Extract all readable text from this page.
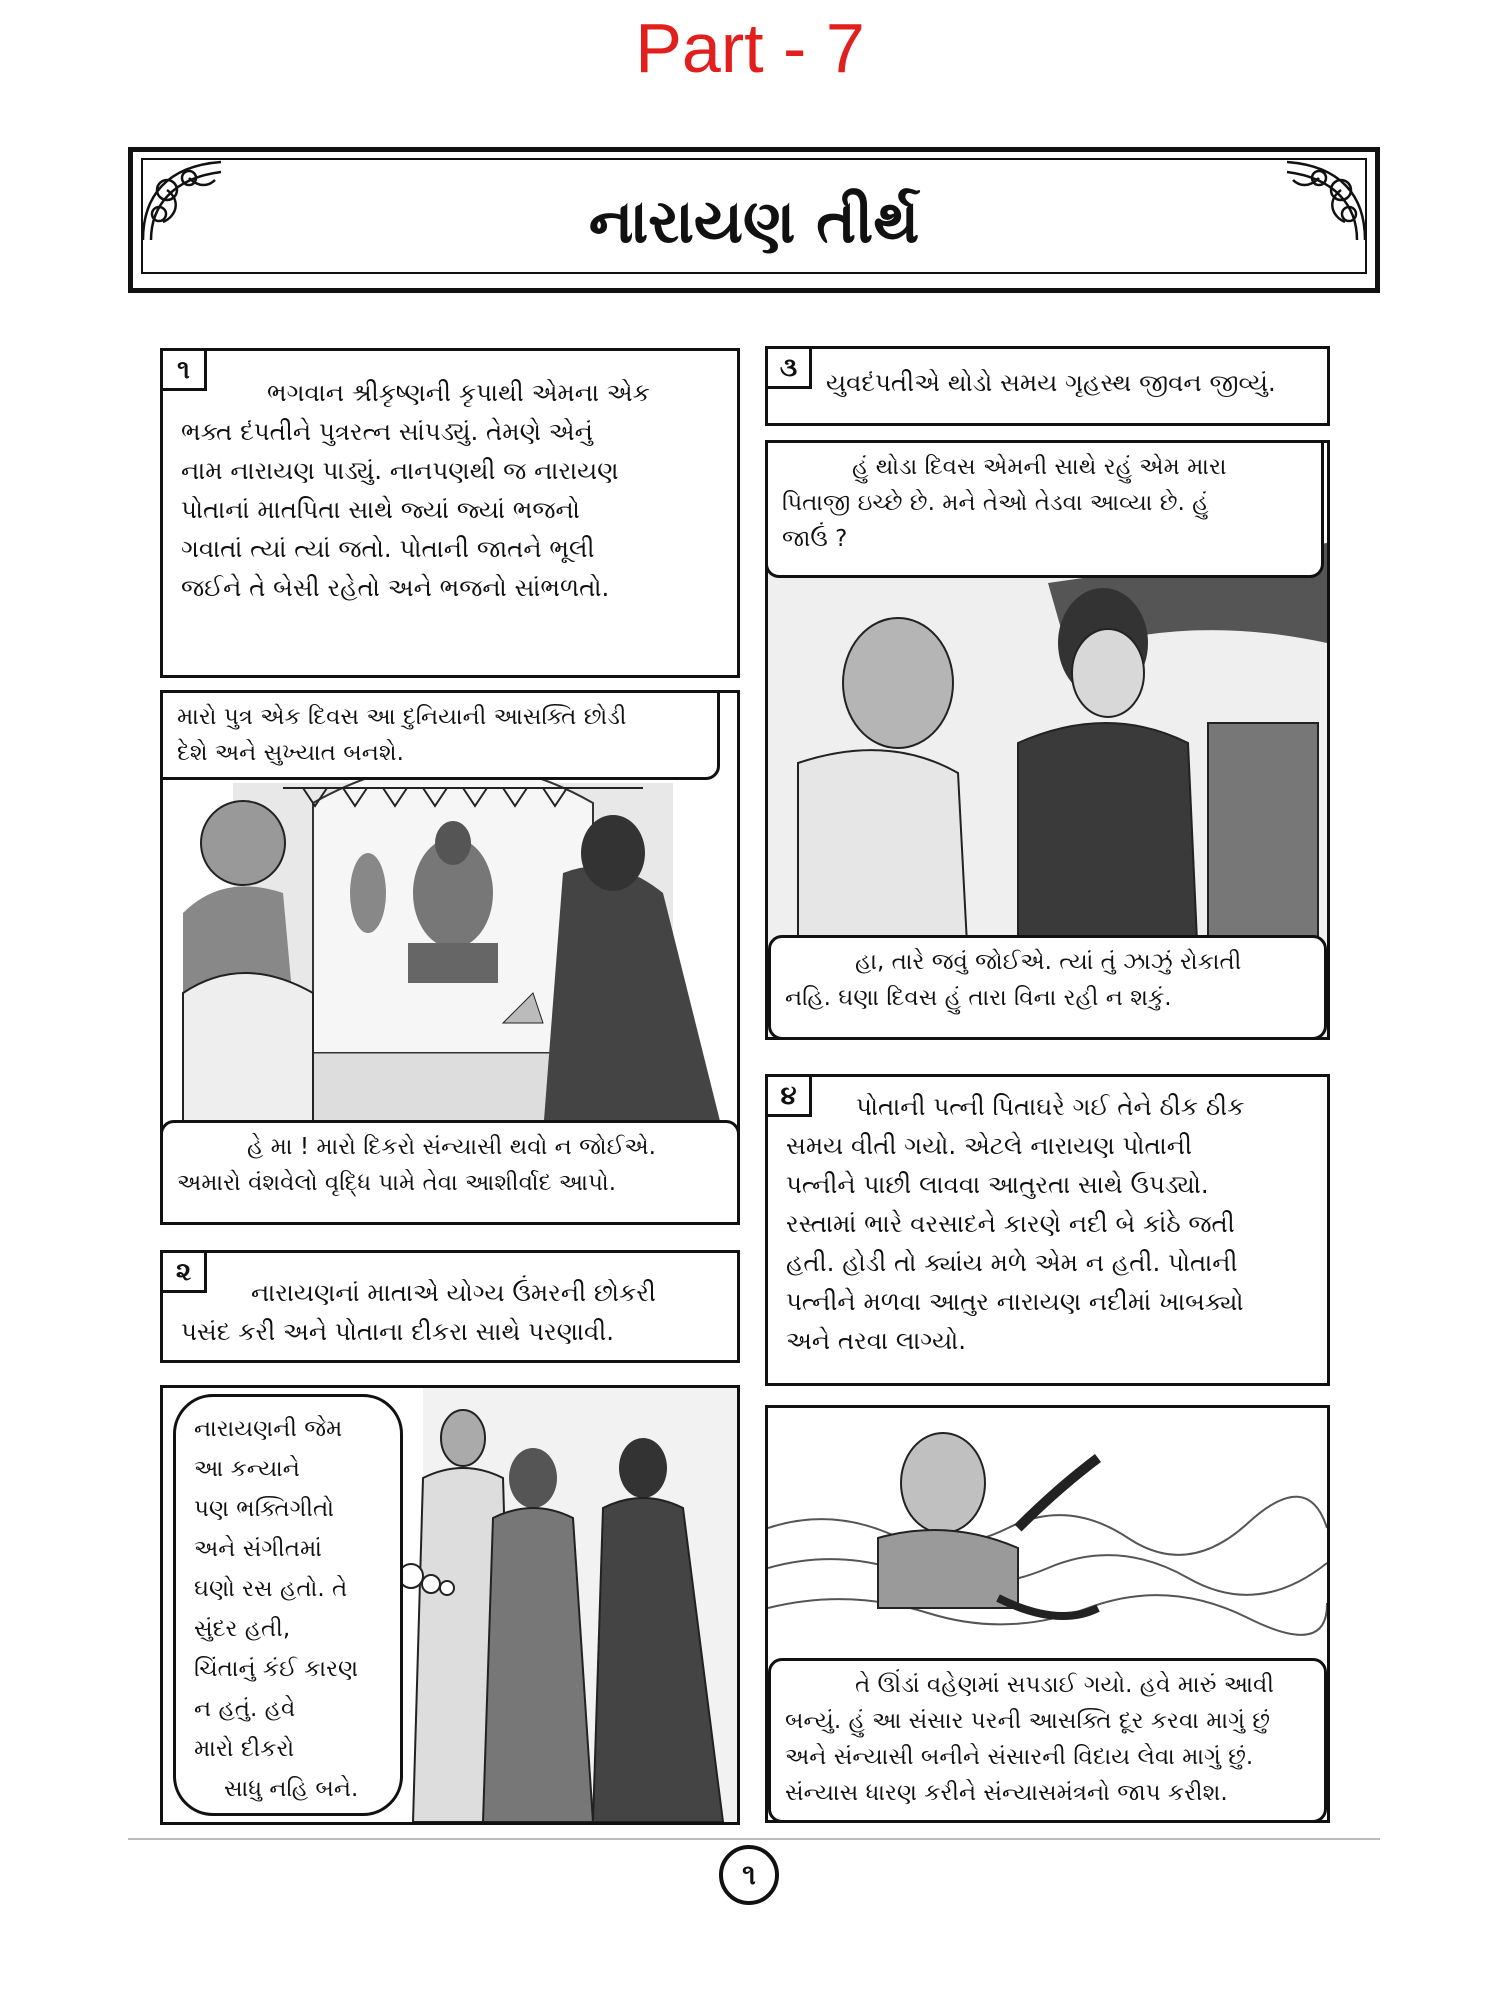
Part - 7
નારાયણ તીર્થ
૧
ભગવાન શ્રીકૃષ્ણની કૃપાથી એમના એક
ભક્ત દંપતીને પુત્રરત્ન સાંપડ્યું. તેમણે એનું
નામ નારાયણ પાડ્યું. નાનપણથી જ નારાયણ
પોતાનાં માતપિતા સાથે જ્યાં જ્યાં ભજનો
ગવાતાં ત્યાં ત્યાં જતો. પોતાની જાતને ભૂલી
જઈને તે બેસી રહેતો અને ભજનો સાંભળતો.
મારો પુત્ર એક દિવસ આ દુનિયાની આસક્તિ છોડી
દેશે અને સુખ્યાત બનશે.
હે મા ! મારો દિકરો સંન્યાસી થવો ન જોઈએ.
અમારો વંશવેલો વૃદ્ધિ પામે તેવા આશીર્વાદ આપો.
૨
નારાયણનાં માતાએ યોગ્ય ઉંમરની છોકરી
પસંદ કરી અને પોતાના દીકરા સાથે પરણાવી.
નારાયણની જેમ
આ કન્યાને
પણ ભક્તિગીતો
અને સંગીતમાં
ઘણો રસ હતો. તે
સુંદર હતી,
ચિંતાનું કંઈ કારણ
ન હતું. હવે
મારો દીકરો
સાધુ નહિ બને.
૩	યુવદંપતીએ થોડો સમય ગૃહસ્થ જીવન જીવ્યું.
હું થોડા દિવસ એમની સાથે રહું એમ મારા
પિતાજી ઇચ્છે છે. મને તેઓ તેડવા આવ્યા છે. હું
જાઉં ?
હા, તારે જવું જોઈએ. ત્યાં તું ઝાઝું રોકાતી
નહિ. ઘણા દિવસ હું તારા વિના રહી ન શકું.
૪	પોતાની પત્ની પિતાઘરે ગઈ તેને ઠીક ઠીક
સમય વીતી ગયો. એટલે નારાયણ પોતાની
પત્નીને પાછી લાવવા આતુરતા સાથે ઉપડ્યો.
રસ્તામાં ભારે વરસાદને કારણે નદી બે કાંઠે જતી
હતી. હોડી તો ક્યાંય મળે એમ ન હતી. પોતાની
પત્નીને મળવા આતુર નારાયણ નદીમાં ખાબક્યો
અને તરવા લાગ્યો.
તે ઊંડાં વહેણમાં સપડાઈ ગયો. હવે મારું આવી
બન્યું. હું આ સંસાર પરની આસક્તિ દૂર કરવા માગું છું
અને સંન્યાસી બનીને સંસારની વિદાય લેવા માગું છું.
સંન્યાસ ધારણ કરીને સંન્યાસમંત્રનો જાપ કરીશ.
૧
